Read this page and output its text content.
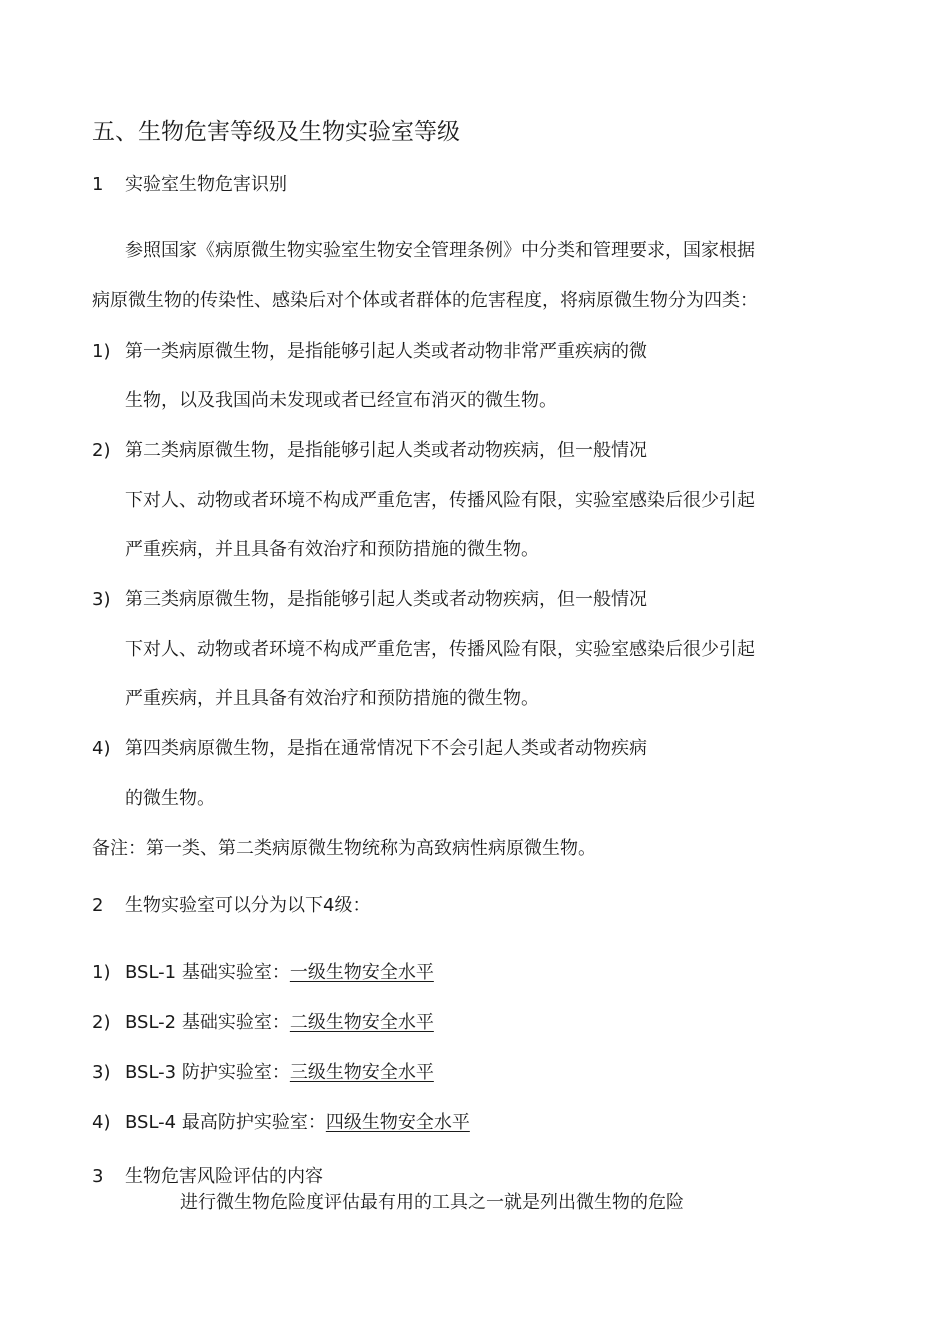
五、生物危害等级及生物实验室等级
1 实验室生物危害识别
参照国家《病原微生物实验室生物安全管理条例》中分类和管理要求，国家根据
病原微生物的传染性、感染后对个体或者群体的危害程度，将病原微生物分为四类：
1) 第一类病原微生物，是指能够引起人类或者动物非常严重疾病的微
生物，以及我国尚未发现或者已经宣布消灭的微生物。
2) 第二类病原微生物，是指能够引起人类或者动物疾病，但一般情况
下对人、动物或者环境不构成严重危害，传播风险有限，实验室感染后很少引起
严重疾病，并且具备有效治疗和预防措施的微生物。
3) 第三类病原微生物，是指能够引起人类或者动物疾病，但一般情况
下对人、动物或者环境不构成严重危害，传播风险有限，实验室感染后很少引起
严重疾病，并且具备有效治疗和预防措施的微生物。
4) 第四类病原微生物，是指在通常情况下不会引起人类或者动物疾病
的微生物。
备注：第一类、第二类病原微生物统称为高致病性病原微生物。
2 生物实验室可以分为以下4级：
1) BSL-1 基础实验室：一级生物安全水平
2) BSL-2 基础实验室：二级生物安全水平
3) BSL-3 防护实验室：三级生物安全水平
4) BSL-4 最高防护实验室：四级生物安全水平
3 生物危害风险评估的内容
进行微生物危险度评估最有用的工具之一就是列出微生物的危险
